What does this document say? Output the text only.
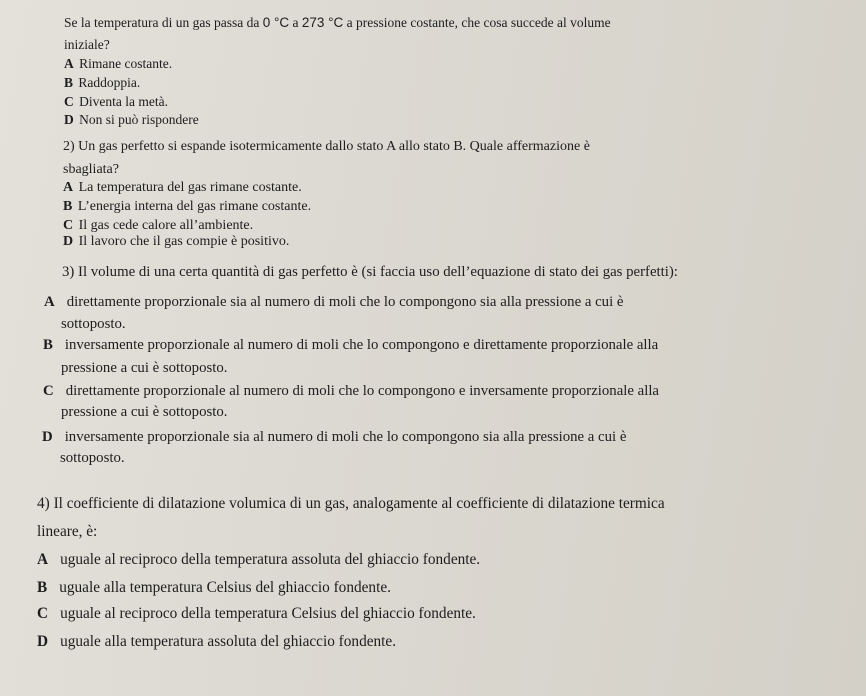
Se la temperatura di un gas passa da 0 °C a 273 °C a pressione costante, che cosa succede al volume
iniziale?
A Rimane costante.
B Raddoppia.
C Diventa la metà.
D Non si può rispondere
2) Un gas perfetto si espande isotermicamente dallo stato A allo stato B. Quale affermazione è
sbagliata?
A La temperatura del gas rimane costante.
B L’energia interna del gas rimane costante.
C Il gas cede calore all’ambiente.
D Il lavoro che il gas compie è positivo.
3) Il volume di una certa quantità di gas perfetto è (si faccia uso dell’equazione di stato dei gas perfetti):
A direttamente proporzionale sia al numero di moli che lo compongono sia alla pressione a cui è
sottoposto.
B inversamente proporzionale al numero di moli che lo compongono e direttamente proporzionale alla
pressione a cui è sottoposto.
C direttamente proporzionale al numero di moli che lo compongono e inversamente proporzionale alla
pressione a cui è sottoposto.
D inversamente proporzionale sia al numero di moli che lo compongono sia alla pressione a cui è
sottoposto.
4) Il coefficiente di dilatazione volumica di un gas, analogamente al coefficiente di dilatazione termica
lineare, è:
A uguale al reciproco della temperatura assoluta del ghiaccio fondente.
B uguale alla temperatura Celsius del ghiaccio fondente.
C uguale al reciproco della temperatura Celsius del ghiaccio fondente.
D uguale alla temperatura assoluta del ghiaccio fondente.
